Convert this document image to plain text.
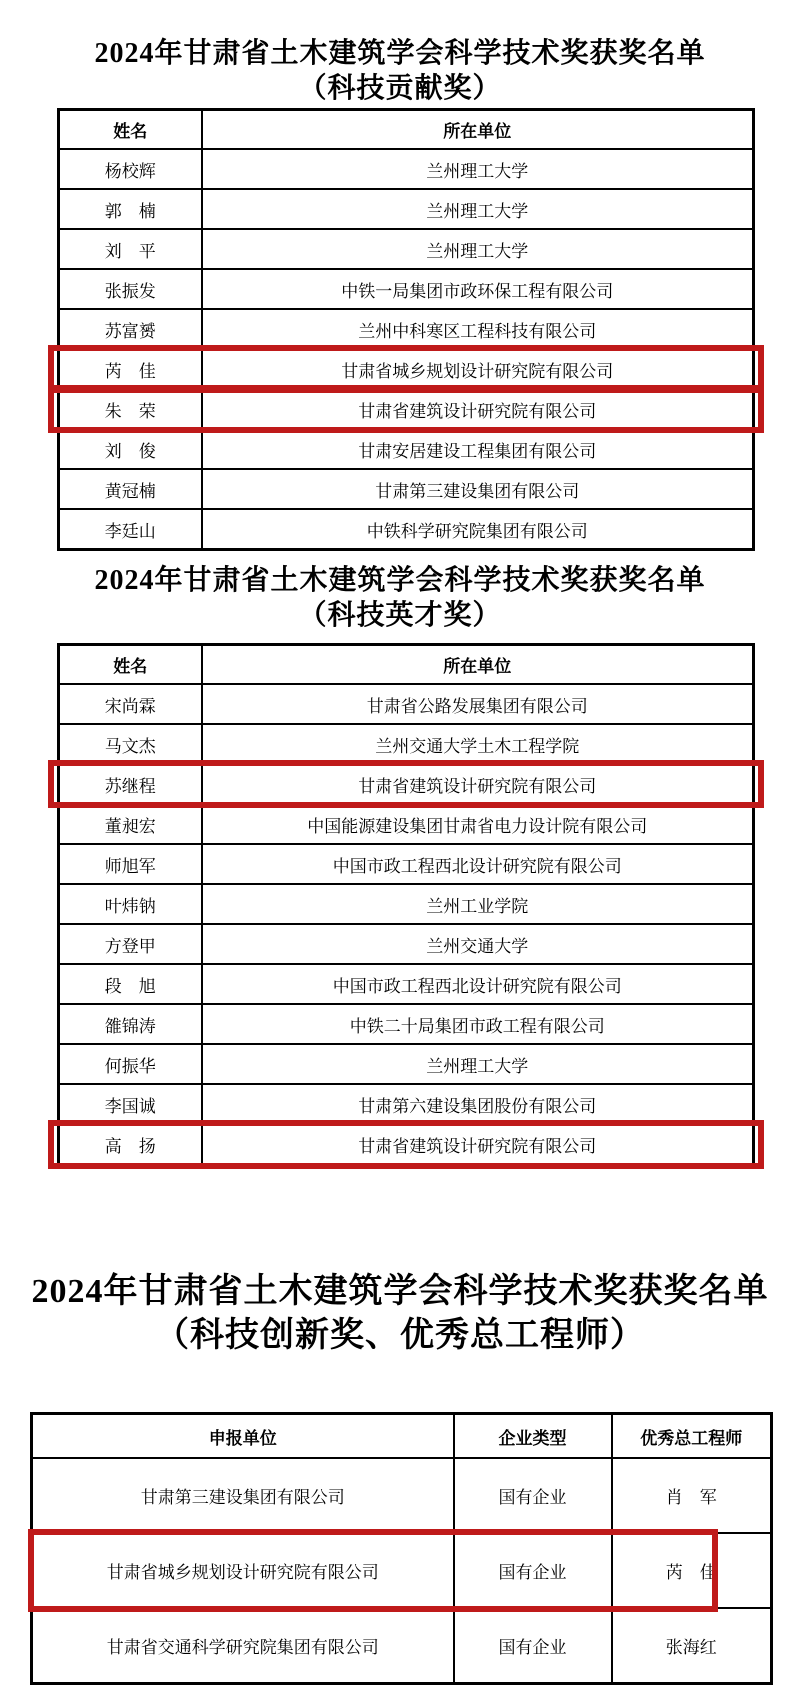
2024年甘肃省土木建筑学会科学技术奖获奖名单
（科技贡献奖）
姓名	所在单位
杨校辉	兰州理工大学
郭　楠	兰州理工大学
刘　平	兰州理工大学
张振发	中铁一局集团市政环保工程有限公司
苏富赟	兰州中科寒区工程科技有限公司
芮　佳	甘肃省城乡规划设计研究院有限公司
朱　荣	甘肃省建筑设计研究院有限公司
刘　俊	甘肃安居建设工程集团有限公司
黄冠楠	甘肃第三建设集团有限公司
李廷山	中铁科学研究院集团有限公司
2024年甘肃省土木建筑学会科学技术奖获奖名单
（科技英才奖）
姓名	所在单位
宋尚霖	甘肃省公路发展集团有限公司
马文杰	兰州交通大学土木工程学院
苏继程	甘肃省建筑设计研究院有限公司
董昶宏	中国能源建设集团甘肃省电力设计院有限公司
师旭军	中国市政工程西北设计研究院有限公司
叶炜钠	兰州工业学院
方登甲	兰州交通大学
段　旭	中国市政工程西北设计研究院有限公司
雒锦涛	中铁二十局集团市政工程有限公司
何振华	兰州理工大学
李国诚	甘肃第六建设集团股份有限公司
高　扬	甘肃省建筑设计研究院有限公司
2024年甘肃省土木建筑学会科学技术奖获奖名单
（科技创新奖、优秀总工程师）
申报单位	企业类型	优秀总工程师
甘肃第三建设集团有限公司	国有企业	肖　军
甘肃省城乡规划设计研究院有限公司	国有企业	芮　佳
甘肃省交通科学研究院集团有限公司	国有企业	张海红
